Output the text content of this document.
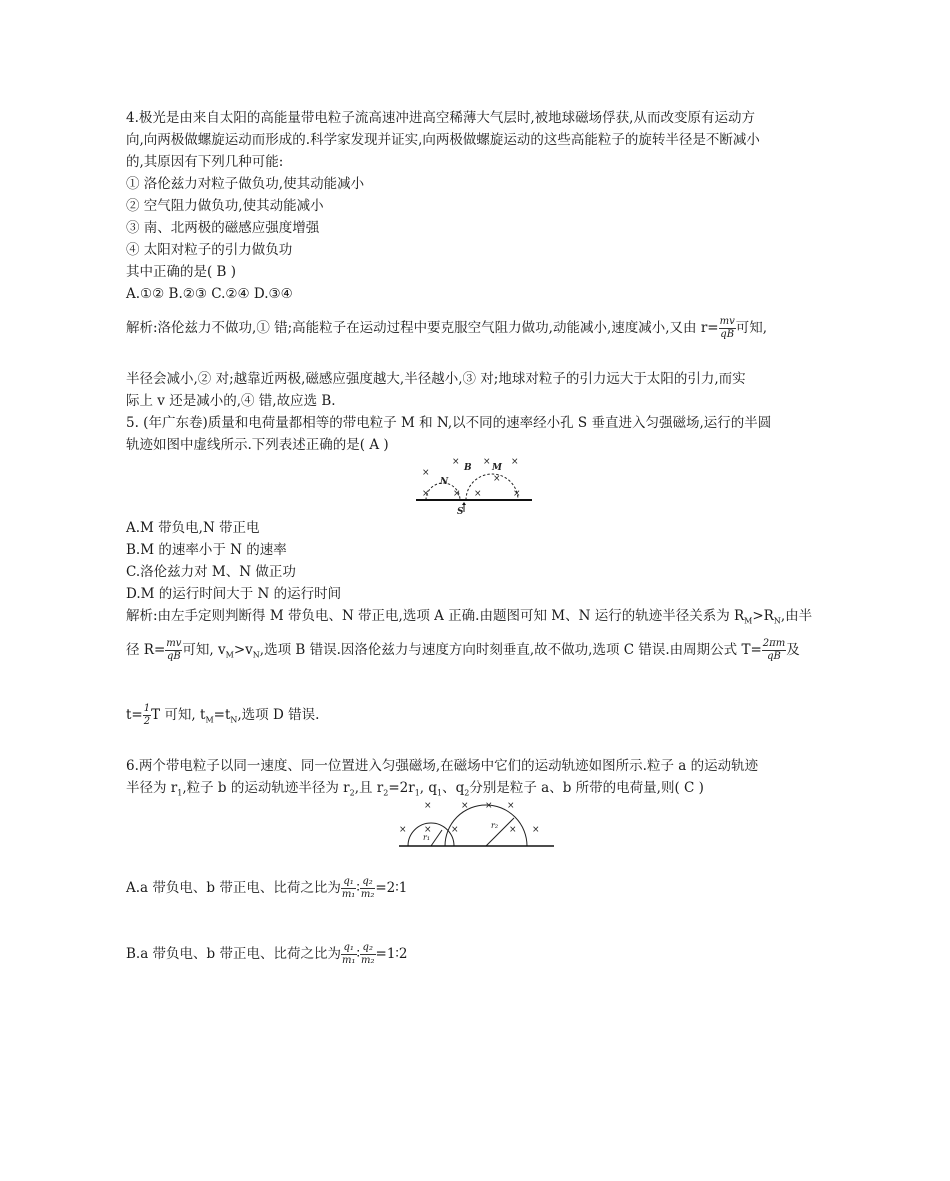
4.极光是由来自太阳的高能量带电粒子流高速冲进高空稀薄大气层时,被地球磁场俘获,从而改变原有运动方
向,向两极做螺旋运动而形成的.科学家发现并证实,向两极做螺旋运动的这些高能粒子的旋转半径是不断减小
的,其原因有下列几种可能:
① 洛伦兹力对粒子做负功,使其动能减小
② 空气阻力做负功,使其动能减小
③ 南、北两极的磁感应强度增强
④ 太阳对粒子的引力做负功
其中正确的是( B )
A.①② B.②③ C.②④ D.③④
解析:洛伦兹力不做功,① 错;高能粒子在运动过程中要克服空气阻力做功,动能减小,速度减小,又由 $r= \frac{mv}{qB}$ 可知,
半径会减小,② 对;越靠近两极,磁感应强度越大,半径越小,③ 对;地球对粒子的引力远大于太阳的引力,而实
际上 v 还是减小的,④ 错,故应选 B.
5. (年广东卷)质量和电荷量都相等的带电粒子 M 和 N,以不同的速率经小孔 S 垂直进入匀强磁场,运行的半圆
轨迹如图中虚线所示.下列表述正确的是( A )
×
×	× ×
×	× ×	×
×
N
B M
S
A.M 带负电,N 带正电
B.M 的速率小于 N 的速率
C.洛伦兹力对 M、N 做正功
D.M 的运行时间大于 N 的运行时间
解析:由左手定则判断得 M 带负电、N 带正电,选项 A 正确.由题图可知 M、N 运行的轨迹半径关系为 $R_M>R_N$,由半
径 $R= \frac{mv}{qB}$ 可知, $v_M>v_N$,选项 B 错误.因洛伦兹力与速度方向时刻垂直,故不做功,选项 C 错误.由周期公式 $T= \frac{2\pi m}{qB}$ 及
$t= \frac{1}{2}$ T 可知, $t_M=t_N$,选项 D 错误.
6.两个带电粒子以同一速度、同一位置进入匀强磁场,在磁场中它们的运动轨迹如图所示.粒子 a 的运动轨迹
半径为 $r_1$,粒子 b 的运动轨迹半径为 $r_2$,且 $r_2=2r_1$, $q_1$、$q_2$分别是粒子 a、b 所带的电荷量,则( C )
× ×
×	× × ×
×	× ×
r₁
r₂
A.a 带负电、b 带正电、比荷之比为 $\frac{\text{q₁}}{\text{m₁}}$ ∶ $\frac{\text{q₂}}{\text{m₂}}$ =2∶1
B.a 带负电、b 带正电、比荷之比为 $\frac{\text{q₁}}{\text{m₁}}$ ∶ $\frac{\text{q₂}}{\text{m₂}}$ =1∶2
